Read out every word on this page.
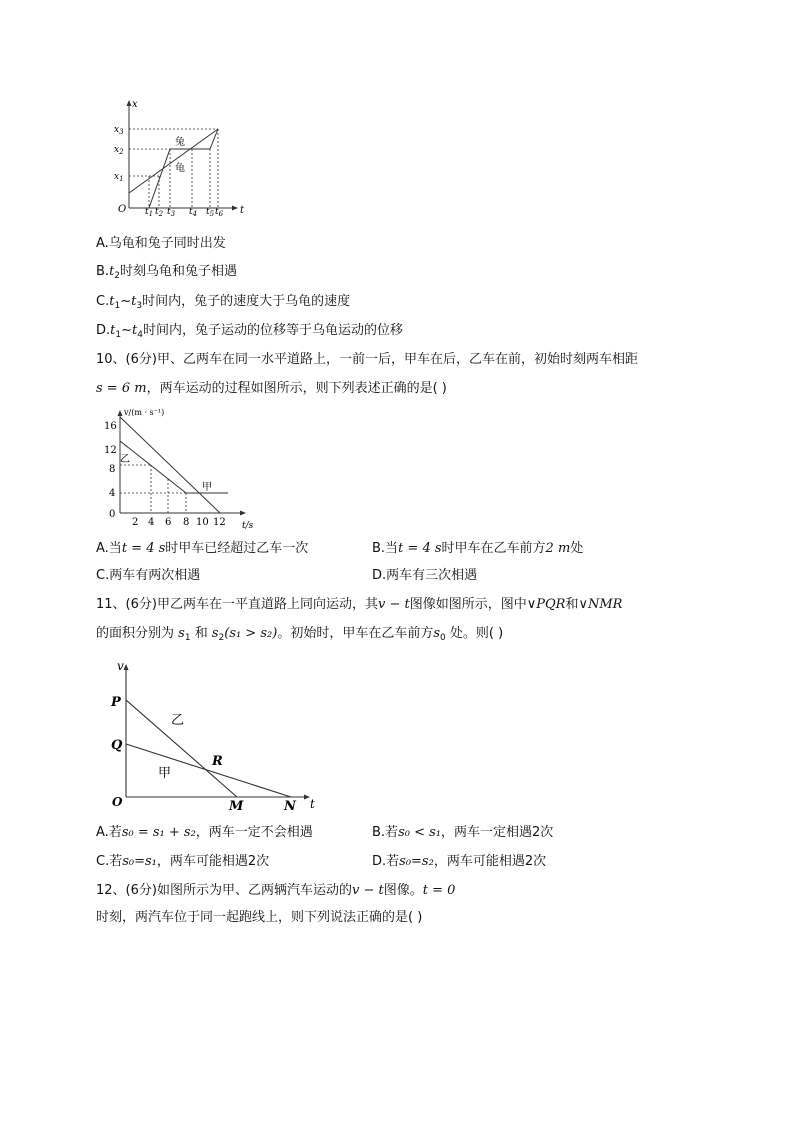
t
x
O
$x_3$
$x_2$
$x_1$
$t_1$ $t_2$ $t_3$ $t_4$ $t_5$ $t_6$
兔
龟
A.乌龟和兔子同时出发
$B.t_2$时刻乌龟和兔子相遇
$C.t_1\sim t_3$时间内，兔子的速度大于乌龟的速度
$D.t_1\sim t_4$时间内，兔子运动的位移等于乌龟运动的位移
10、(6分)甲、乙两车在同一水平道路上，一前一后，甲车在后，乙车在前，初始时刻两车相距
s = 6 m，两车运动的过程如图所示，则下列表述正确的是( )
v/(m · s⁻¹)
t/s
16
12
8
4
0
2 4 6 8 10 12
乙
甲
A.当t = 4 s时甲车已经超过乙车一次	B.当t = 4 s时甲车在乙车前方2 m处
C.两车有两次相遇	D.两车有三次相遇
11、(6分)甲乙两车在一平直道路上同向运动，其v − t图像如图所示，图中∨PQR和∨NMR
的面积分别为 $s_1$ 和 $s_2(s_1 > s_2)$。初始时，甲车在乙车前方$s_0$ 处。则( )
v
t
O
P
Q
R
M	N
乙
甲
A.若s₀ = s₁ + s₂，两车一定不会相遇	B.若s₀ < s₁，两车一定相遇2次
C.若s₀=s₁，两车可能相遇2次	D.若s₀=s₂，两车可能相遇2次
12、(6分)如图所示为甲、乙两辆汽车运动的v − t图像。t = 0
时刻，两汽车位于同一起跑线上，则下列说法正确的是( )
